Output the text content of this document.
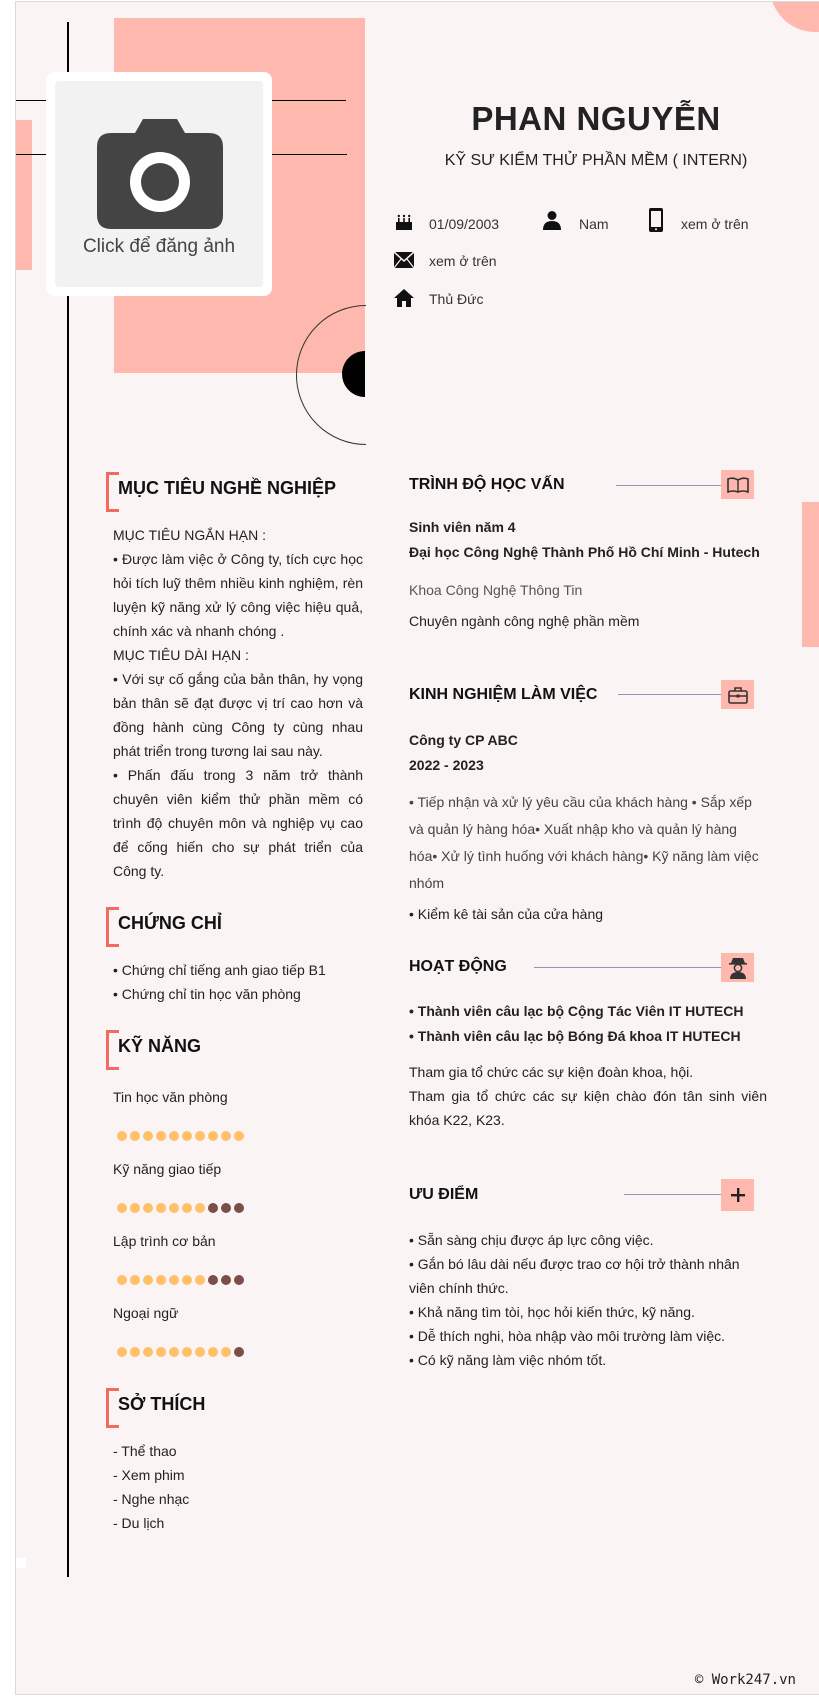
Click để đăng ảnh
PHAN NGUYỄN
KỸ SƯ KIỂM THỬ PHẦN MỀM ( INTERN)
01/09/2003	Nam	xem ở trên
xem ở trên
Thủ Đức
MỤC TIÊU NGHỀ NGHIỆP
MỤC TIÊU NGẮN HẠN :
• Được làm việc ở Công ty, tích cực học hỏi tích luỹ thêm nhiều kinh nghiệm, rèn luyện kỹ năng xử lý công việc hiệu quả, chính xác và nhanh chóng .
MỤC TIÊU DÀI HẠN :
• Với sự cố gắng của bản thân, hy vọng bản thân sẽ đạt được vị trí cao hơn và đồng hành cùng Công ty cùng nhau phát triển trong tương lai sau này.
• Phấn đấu trong 3 năm trở thành chuyên viên kiểm thử phần mềm có trình độ chuyên môn và nghiệp vụ cao để cống hiến cho sự phát triển của Công ty.
CHỨNG CHỈ
• Chứng chỉ tiếng anh giao tiếp B1
• Chứng chỉ tin học văn phòng
KỸ NĂNG
Tin học văn phòng
Kỹ năng giao tiếp
Lập trình cơ bản
Ngoại ngữ
SỞ THÍCH
- Thể thao
- Xem phim
- Nghe nhạc
- Du lịch
TRÌNH ĐỘ HỌC VẤN
Sinh viên năm 4
Đại học Công Nghệ Thành Phố Hồ Chí Minh - Hutech
Khoa Công Nghệ Thông Tin
Chuyên ngành công nghệ phần mềm
KINH NGHIỆM LÀM VIỆC
Công ty CP ABC
2022 - 2023
• Tiếp nhận và xử lý yêu cầu của khách hàng • Sắp xếp và quản lý hàng hóa• Xuất nhập kho và quản lý hàng hóa• Xử lý tình huống với khách hàng• Kỹ năng làm việc nhóm
• Kiểm kê tài sản của cửa hàng
HOẠT ĐỘNG
• Thành viên câu lạc bộ Cộng Tác Viên IT HUTECH
• Thành viên câu lạc bộ Bóng Đá khoa IT HUTECH
Tham gia tổ chức các sự kiện đoàn khoa, hội.
Tham gia tổ chức các sự kiện chào đón tân sinh viên khóa K22, K23.
ƯU ĐIỂM
• Sẵn sàng chịu được áp lực công việc.
• Gắn bó lâu dài nếu được trao cơ hội trở thành nhân viên chính thức.
• Khả năng tìm tòi, học hỏi kiến thức, kỹ năng.
• Dễ thích nghi, hòa nhập vào môi trường làm việc.
• Có kỹ năng làm việc nhóm tốt.
© Work247.vn
